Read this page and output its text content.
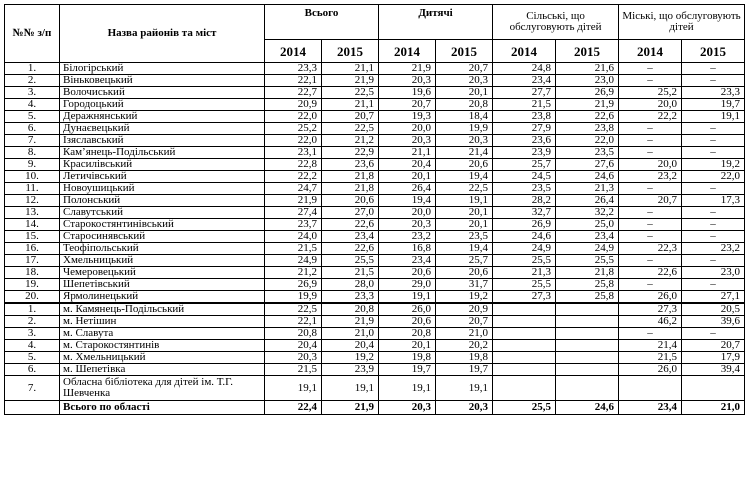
№№ з/п	Назва районів та міст	Всього		Дитячі		Сільські, що обслуговують дітей		Міські, що обслуговують дітей	
		2014	2015	2014	2015	2014	2015	2014	2015
1.	Білогірський	23,3	21,1	21,9	20,7	24,8	21,6	–	–
2.	Віньковецький	22,1	21,9	20,3	20,3	23,4	23,0	–	–
3.	Волочиський	22,7	22,5	19,6	20,1	27,7	26,9	25,2	23,3
4.	Городоцький	20,9	21,1	20,7	20,8	21,5	21,9	20,0	19,7
5.	Деражнянський	22,0	20,7	19,3	18,4	23,8	22,6	22,2	19,1
6.	Дунаєвецький	25,2	22,5	20,0	19,9	27,9	23,8	–	–
7.	Ізяславський	22,0	21,2	20,3	20,3	23,6	22,0	–	–
8.	Кам’янець-Подільський	23,1	22,9	21,1	21,4	23,9	23,5	–	–
9.	Красилівський	22,8	23,6	20,4	20,6	25,7	27,6	20,0	19,2
10.	Летичівський	22,2	21,8	20,1	19,4	24,5	24,6	23,2	22,0
11.	Новоушицький	24,7	21,8	26,4	22,5	23,5	21,3	–	–
12.	Полонський	21,9	20,6	19,4	19,1	28,2	26,4	20,7	17,3
13.	Славутський	27,4	27,0	20,0	20,1	32,7	32,2	–	–
14.	Старокостянтинівський	23,7	22,6	20,3	20,1	26,9	25,0	–	–
15.	Старосинявський	24,0	23,4	23,2	23,5	24,6	23,4	–	–
16.	Теофіпольський	21,5	22,6	16,8	19,4	24,9	24,9	22,3	23,2
17.	Хмельницький	24,9	25,5	23,4	25,7	25,5	25,5	–	–
18.	Чемеровецький	21,2	21,5	20,6	20,6	21,3	21,8	22,6	23,0
19.	Шепетівський	26,9	28,0	29,0	31,7	25,5	25,8	–	–
20.	Ярмолинецький	19,9	23,3	19,1	19,2	27,3	25,8	26,0	27,1
1.	м. Камянець-Подільський	22,5	20,8	26,0	20,9			27,3	20,5
2.	м. Нетішин	22,1	21,9	20,6	20,7			46,2	39,6
3.	м. Славута	20,8	21,0	20,8	21,0			–	–
4.	м. Старокостянтинів	20,4	20,4	20,1	20,2			21,4	20,7
5.	м. Хмельницький	20,3	19,2	19,8	19,8			21,5	17,9
6.	м. Шепетівка	21,5	23,9	19,7	19,7			26,0	39,4
7.	Обласна бібліотека для дітей ім. Т.Г. Шевченка	19,1	19,1	19,1	19,1				
	Всього по області	22,4	21,9	20,3	20,3	25,5	24,6	23,4	21,0
